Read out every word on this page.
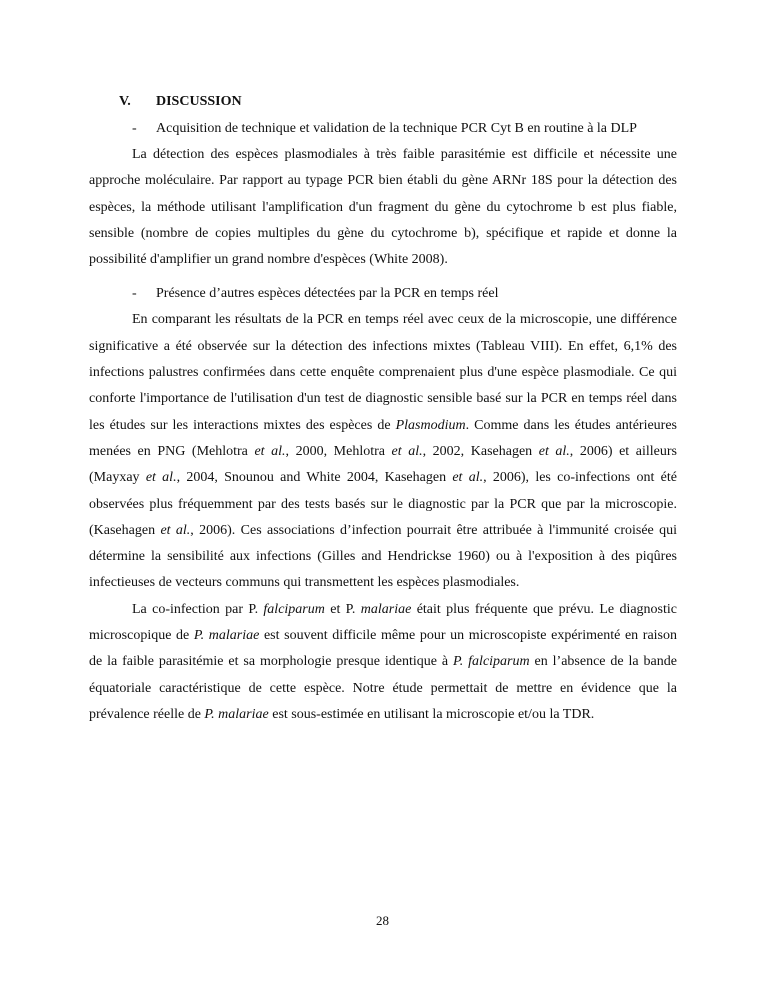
V. DISCUSSION
- Acquisition de technique et validation de la technique PCR Cyt B en routine à la DLP

La détection des espèces plasmodiales à très faible parasitémie est difficile et nécessite une approche moléculaire. Par rapport au typage PCR bien établi du gène ARNr 18S pour la détection des espèces, la méthode utilisant l'amplification d'un fragment du gène du cytochrome b est plus fiable, sensible (nombre de copies multiples du gène du cytochrome b), spécifique et rapide et donne la possibilité d'amplifier un grand nombre d'espèces (White 2008).

- Présence d’autres espèces détectées par la PCR en temps réel

En comparant les résultats de la PCR en temps réel avec ceux de la microscopie, une différence significative a été observée sur la détection des infections mixtes (Tableau VIII). En effet, 6,1% des infections palustres confirmées dans cette enquête comprenaient plus d'une espèce plasmodiale. Ce qui conforte l'importance de l'utilisation d'un test de diagnostic sensible basé sur la PCR en temps réel dans les études sur les interactions mixtes des espèces de Plasmodium. Comme dans les études antérieures menées en PNG (Mehlotra et al., 2000, Mehlotra et al., 2002, Kasehagen et al., 2006) et ailleurs (Mayxay et al., 2004, Snounou and White 2004, Kasehagen et al., 2006), les co-infections ont été observées plus fréquemment par des tests basés sur le diagnostic par la PCR que par la microscopie.(Kasehagen et al., 2006). Ces associations d’infection pourrait être attribuée à l'immunité croisée qui détermine la sensibilité aux infections (Gilles and Hendrickse 1960) ou à l'exposition à des piqûres infectieuses de vecteurs communs qui transmettent les espèces plasmodiales.

La co-infection par P. falciparum et P. malariae était plus fréquente que prévu. Le diagnostic microscopique de P. malariae est souvent difficile même pour un microscopiste expérimenté en raison de la faible parasitémie et sa morphologie presque identique à P. falciparum en l’absence de la bande équatoriale caractéristique de cette espèce. Notre étude permettait de mettre en évidence que la prévalence réelle de P. malariae est sous-estimée en utilisant la microscopie et/ou la TDR.

28
